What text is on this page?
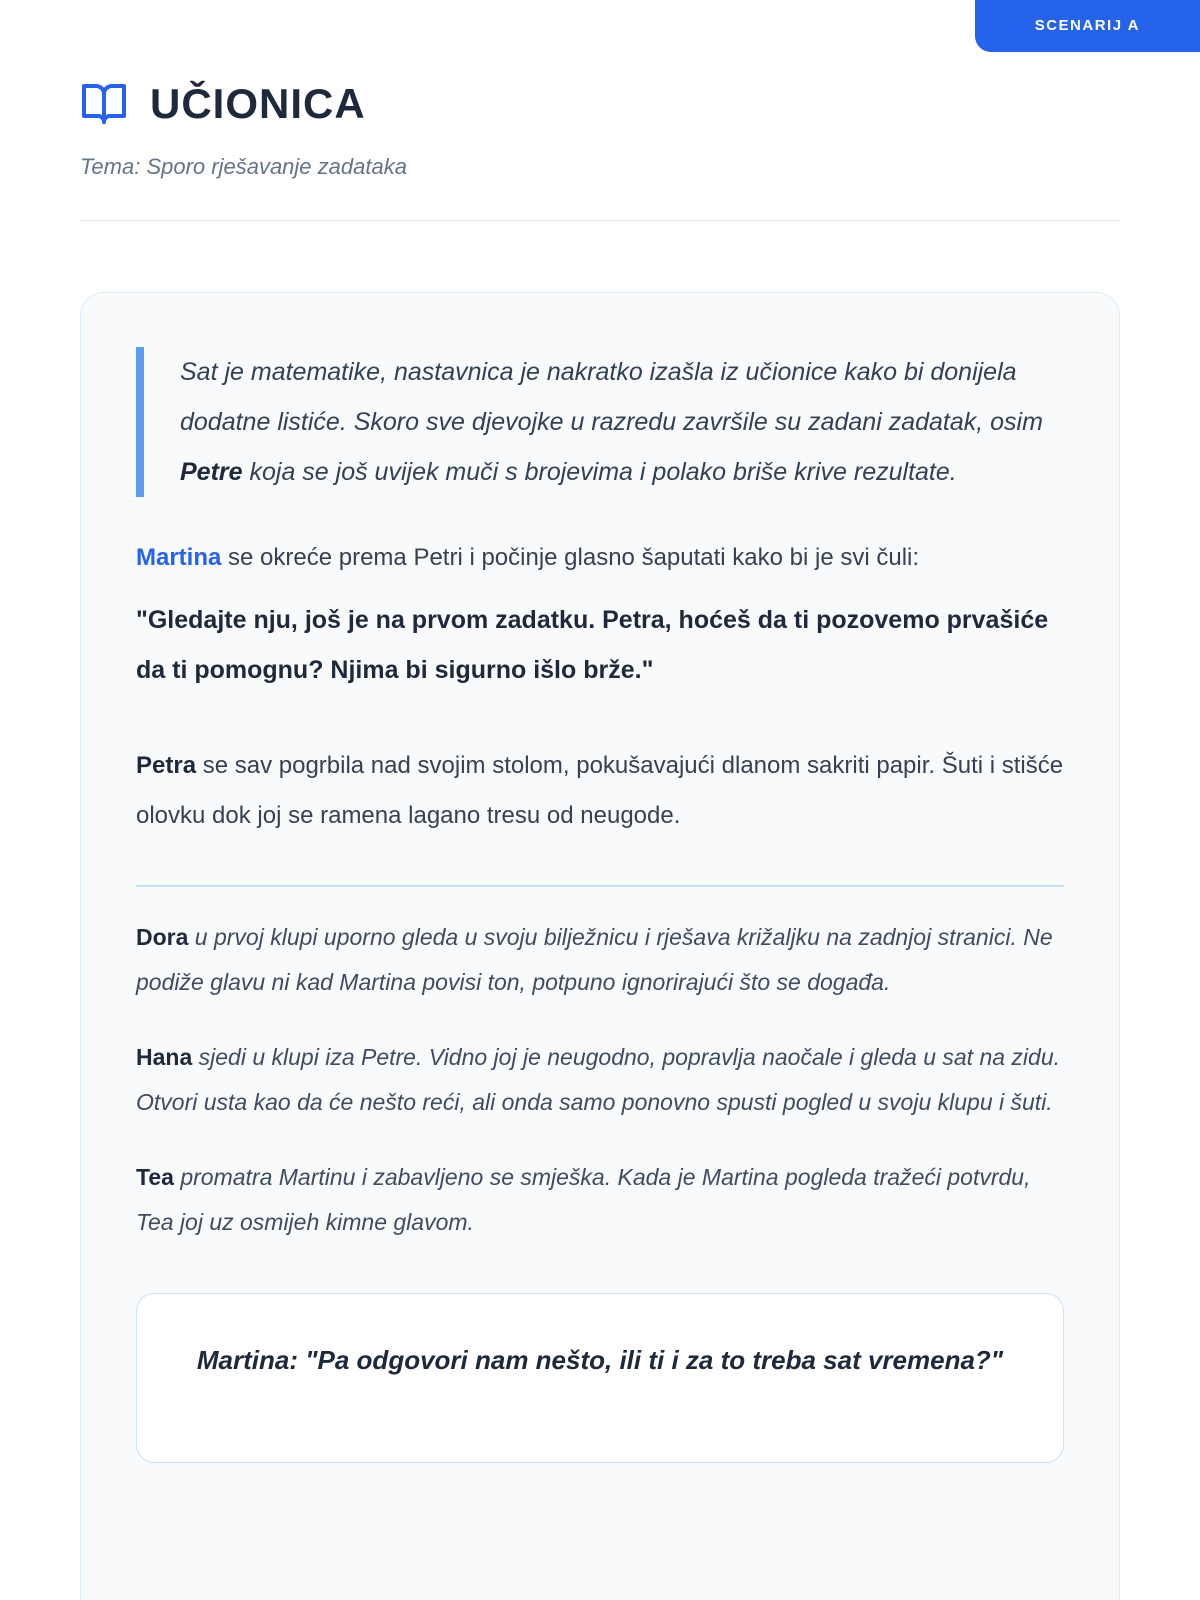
SCENARIJ A
UČIONICA

Tema: Sporo rješavanje zadataka

Sat je matematike, nastavnica je nakratko izašla iz učionice kako bi donijela dodatne listiće. Skoro sve djevojke u razredu završile su zadani zadatak, osim Petre koja se još uvijek muči s brojevima i polako briše krive rezultate.

Martina se okreće prema Petri i počinje glasno šaputati kako bi je svi čuli:

"Gledajte nju, još je na prvom zadatku. Petra, hoćeš da ti pozovemo prvašiće da ti pomognu? Njima bi sigurno išlo brže."

Petra se sav pogrbila nad svojim stolom, pokušavajući dlanom sakriti papir. Šuti i stišće olovku dok joj se ramena lagano tresu od neugode.

Dora u prvoj klupi uporno gleda u svoju bilježnicu i rješava križaljku na zadnjoj stranici. Ne podiže glavu ni kad Martina povisi ton, potpuno ignorirajući što se događa.

Hana sjedi u klupi iza Petre. Vidno joj je neugodno, popravlja naočale i gleda u sat na zidu. Otvori usta kao da će nešto reći, ali onda samo ponovno spusti pogled u svoju klupu i šuti.

Tea promatra Martinu i zabavljeno se smješka. Kada je Martina pogleda tražeći potvrdu, Tea joj uz osmijeh kimne glavom.

Martina: "Pa odgovori nam nešto, ili ti i za to treba sat vremena?"
